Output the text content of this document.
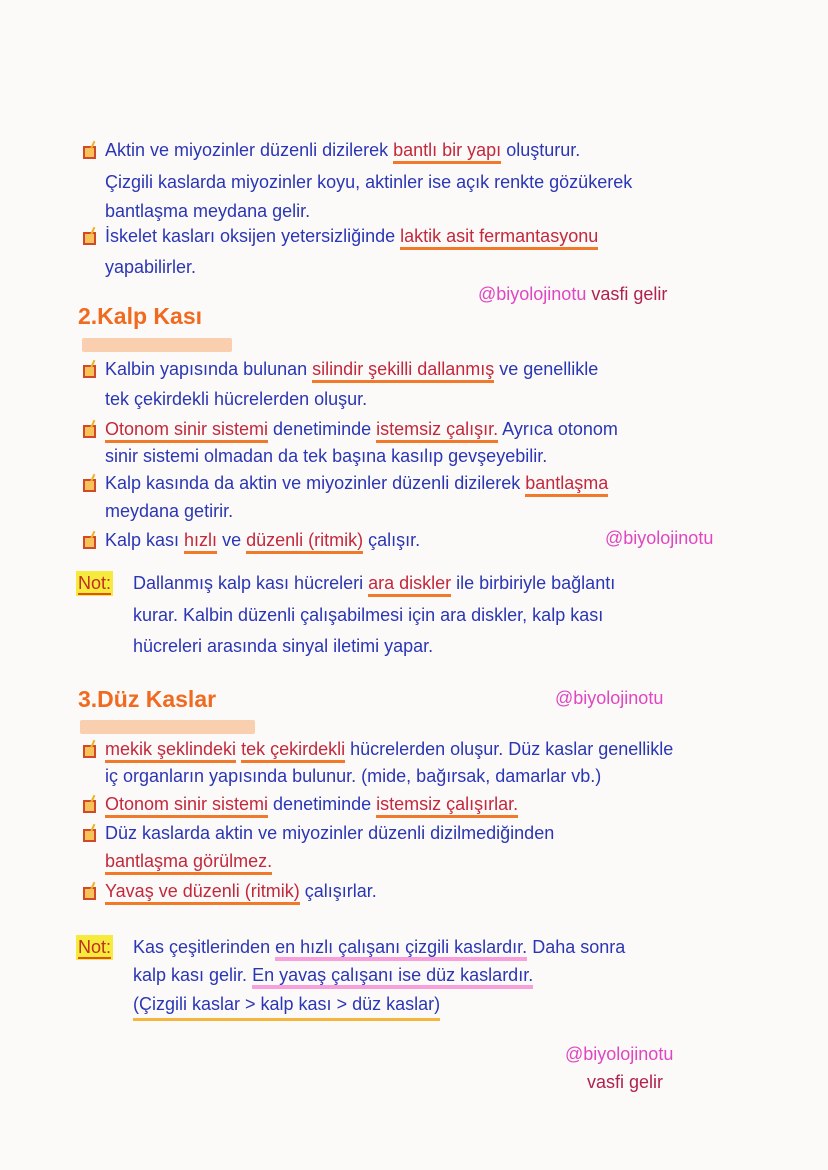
2.Kalp Kası
3.Düz Kaslar
Not:
Not:
@biyolojinotu vasfi gelir
@biyolojinotu
@biyolojinotu
@biyolojinotu
vasfi gelir
Aktin ve miyozinler düzenli dizilerek bantlı bir yapı oluşturur.
Çizgili kaslarda miyozinler koyu, aktinler ise açık renkte gözükerek
bantlaşma meydana gelir.
İskelet kasları oksijen yetersizliğinde laktik asit fermantasyonu
yapabilirler.
Kalbin yapısında bulunan silindir şekilli dallanmış ve genellikle
tek çekirdekli hücrelerden oluşur.
Otonom sinir sistemi denetiminde istemsiz çalışır. Ayrıca otonom
sinir sistemi olmadan da tek başına kasılıp gevşeyebilir.
Kalp kasında da aktin ve miyozinler düzenli dizilerek bantlaşma
meydana getirir.
Kalp kası hızlı ve düzenli (ritmik) çalışır.
Dallanmış kalp kası hücreleri ara diskler ile birbiriyle bağlantı
kurar. Kalbin düzenli çalışabilmesi için ara diskler, kalp kası
hücreleri arasında sinyal iletimi yapar.
mekik şeklindeki tek çekirdekli hücrelerden oluşur. Düz kaslar genellikle
iç organların yapısında bulunur. (mide, bağırsak, damarlar vb.)
Otonom sinir sistemi denetiminde istemsiz çalışırlar.
Düz kaslarda aktin ve miyozinler düzenli dizilmediğinden
bantlaşma görülmez.
Yavaş ve düzenli (ritmik) çalışırlar.
Kas çeşitlerinden en hızlı çalışanı çizgili kaslardır. Daha sonra
kalp kası gelir. En yavaş çalışanı ise düz kaslardır.
(Çizgili kaslar > kalp kası > düz kaslar)
